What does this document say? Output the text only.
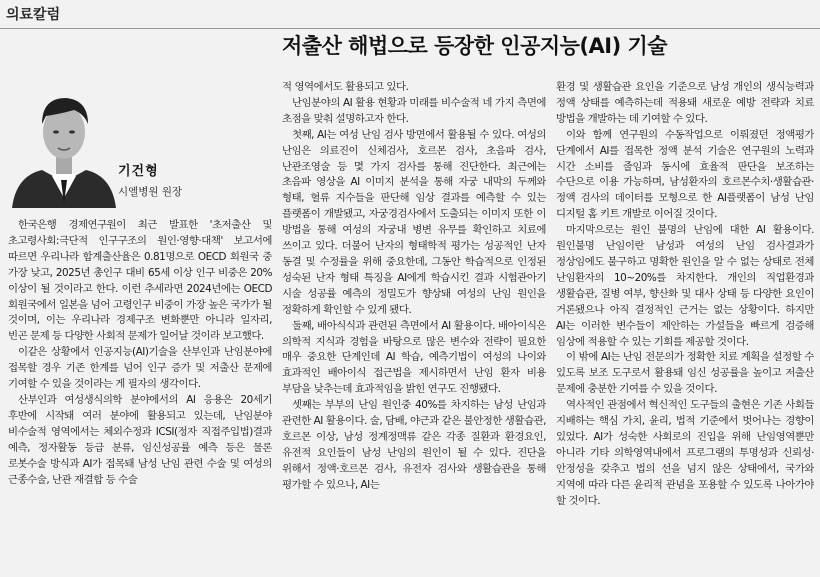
의료칼럼
저출산 해법으로 등장한 인공지능(AI) 기술
기건형
시엘병원 원장

한국은행 경제연구원이 최근 발표한 '초저출산 및 초고령사회:극단적 인구구조의 원인·영향·대책' 보고서에 따르면 우리나라 합계출산율은 0.81명으로 OECD 회원국 중 가장 낮고, 2025년 총인구 대비 65세 이상 인구 비중은 20% 이상이 될 것이라고 한다. 이런 추세라면 2024년에는 OECD 회원국에서 일본을 넘어 고령인구 비중이 가장 높은 국가가 될 것이며, 이는 우리나라 경제구조 변화뿐만 아니라 일자리, 빈곤 문제 등 다양한 사회적 문제가 일어날 것이라 보고했다.

이같은 상황에서 인공지능(AI)기술을 산부인과 난임분야에 접목할 경우 기존 한계를 넘어 인구 증가 및 저출산 문제에 기여할 수 있을 것이라는 게 필자의 생각이다.

산부인과 여성생식의학 분야에서의 AI 응용은 20세기 후반에 시작돼 여러 분야에 활용되고 있는데, 난임분야 비수술적 영역에서는 체외수정과 ICSI(정자 직접주입법)결과 예측, 정자활동 등급 분류, 임신성공률 예측 등은 물론 로봇수술 방식과 AI가 접목돼 남성 난임 관련 수술 및 여성의 근종수술, 난관 재결합 등 수술

적 영역에서도 활용되고 있다.

난임분야의 AI 활용 현황과 미래를 비수술적 네 가지 측면에 초점을 맞춰 설명하고자 한다.

첫째, AI는 여성 난임 검사 방면에서 활용될 수 있다. 여성의 난임은 의료진이 신체검사, 호르몬 검사, 초음파 검사, 난관조영술 등 몇 가지 검사를 통해 진단한다. 최근에는 초음파 영상을 AI 이미지 분석을 통해 자궁 내막의 두께와 형태, 혈류 지수들을 판단해 임상 결과를 예측할 수 있는 플랫폼이 개발됐고, 자궁경검사에서 도출되는 이미지 또한 이 방법을 통해 여성의 자궁내 병변 유무를 확인하고 치료에 쓰이고 있다. 더불어 난자의 형태학적 평가는 성공적인 난자 동결 및 수정률을 위해 중요한데, 그동안 학습적으로 인정된 성숙된 난자 형태 특징을 AI에게 학습시킨 결과 시험관아기 시술 성공률 예측의 정밀도가 향상돼 여성의 난임 원인을 정확하게 확인할 수 있게 됐다.

둘째, 배아식식과 관련된 측면에서 AI 활용이다. 배아이식은 의학적 지식과 경험을 바탕으로 많은 변수와 전략이 필요한 매우 중요한 단계인데 AI 학습, 예측기법이 여성의 나이와 효과적인 배아이식 접근법을 제시하면서 난임 환자 비용 부담을 낮추는데 효과적임을 밝힌 연구도 진행됐다.

셋째는 부부의 난임 원인중 40%를 차지하는 남성 난임과 관련한 AI 활용이다. 술, 담배, 야근과 같은 불안정한 생활습관, 호르몬 이상, 남성 정계정맥류 같은 각종 질환과 환경요인, 유전적 요인들이 남성 난임의 원인이 될 수 있다. 진단을 위해서 정액·호르몬 검사, 유전자 검사와 생활습관을 통해 평가할 수 있으나, AI는

환경 및 생활습관 요인을 기준으로 남성 개인의 생식능력과 정액 상태를 예측하는데 적용돼 새로운 예방 전략과 치료 방법을 개발하는 데 기여할 수 있다.

이와 함께 연구원의 수동작업으로 이뤄졌던 정액평가 단계에서 AI를 접목한 정액 분석 기술은 연구원의 노력과 시간 소비를 줄임과 동시에 효율적 판단을 보조하는 수단으로 이용 가능하며, 남성환자의 호르몬수치·생활습관·정액 검사의 데이터를 모형으로 한 AI플랫폼이 남성 난임 디지털 홈 키트 개발로 이어질 것이다.

마지막으로는 원인 불명의 난임에 대한 AI 활용이다. 원인불명 난임이란 남성과 여성의 난임 검사결과가 정상임에도 불구하고 명확한 원인을 알 수 없는 상태로 전체 난임환자의 10~20%를 차지한다. 개인의 직업환경과 생활습관, 질병 여부, 향산화 및 대사 상태 등 다양한 요인이 거론됐으나 아직 결정적인 근거는 없는 상황이다. 하지만 AI는 이러한 변수들이 제안하는 가설들을 빠르게 검증해 임상에 적용할 수 있는 기회를 제공할 것이다.

이 밖에 AI는 난임 전문의가 정확한 치료 계획을 설정할 수 있도록 보조 도구로서 활용돼 임신 성공률을 높이고 저출산 문제에 충분한 기여를 수 있을 것이다.

역사적인 관점에서 혁신적인 도구들의 출현은 기존 사회들 지배하는 핵심 가치, 윤리, 법적 기준에서 벗어나는 경향이 있었다. AI가 성숙한 사회로의 진입을 위해 난임영역뿐만 아니라 기타 의학영역내에서 프로그램의 투명성과 신뢰성·안정성을 갖추고 법의 선을 넘지 않은 상태에서, 국가와 지역에 따라 다른 윤리적 관념을 포용할 수 있도록 나아가야 할 것이다.
